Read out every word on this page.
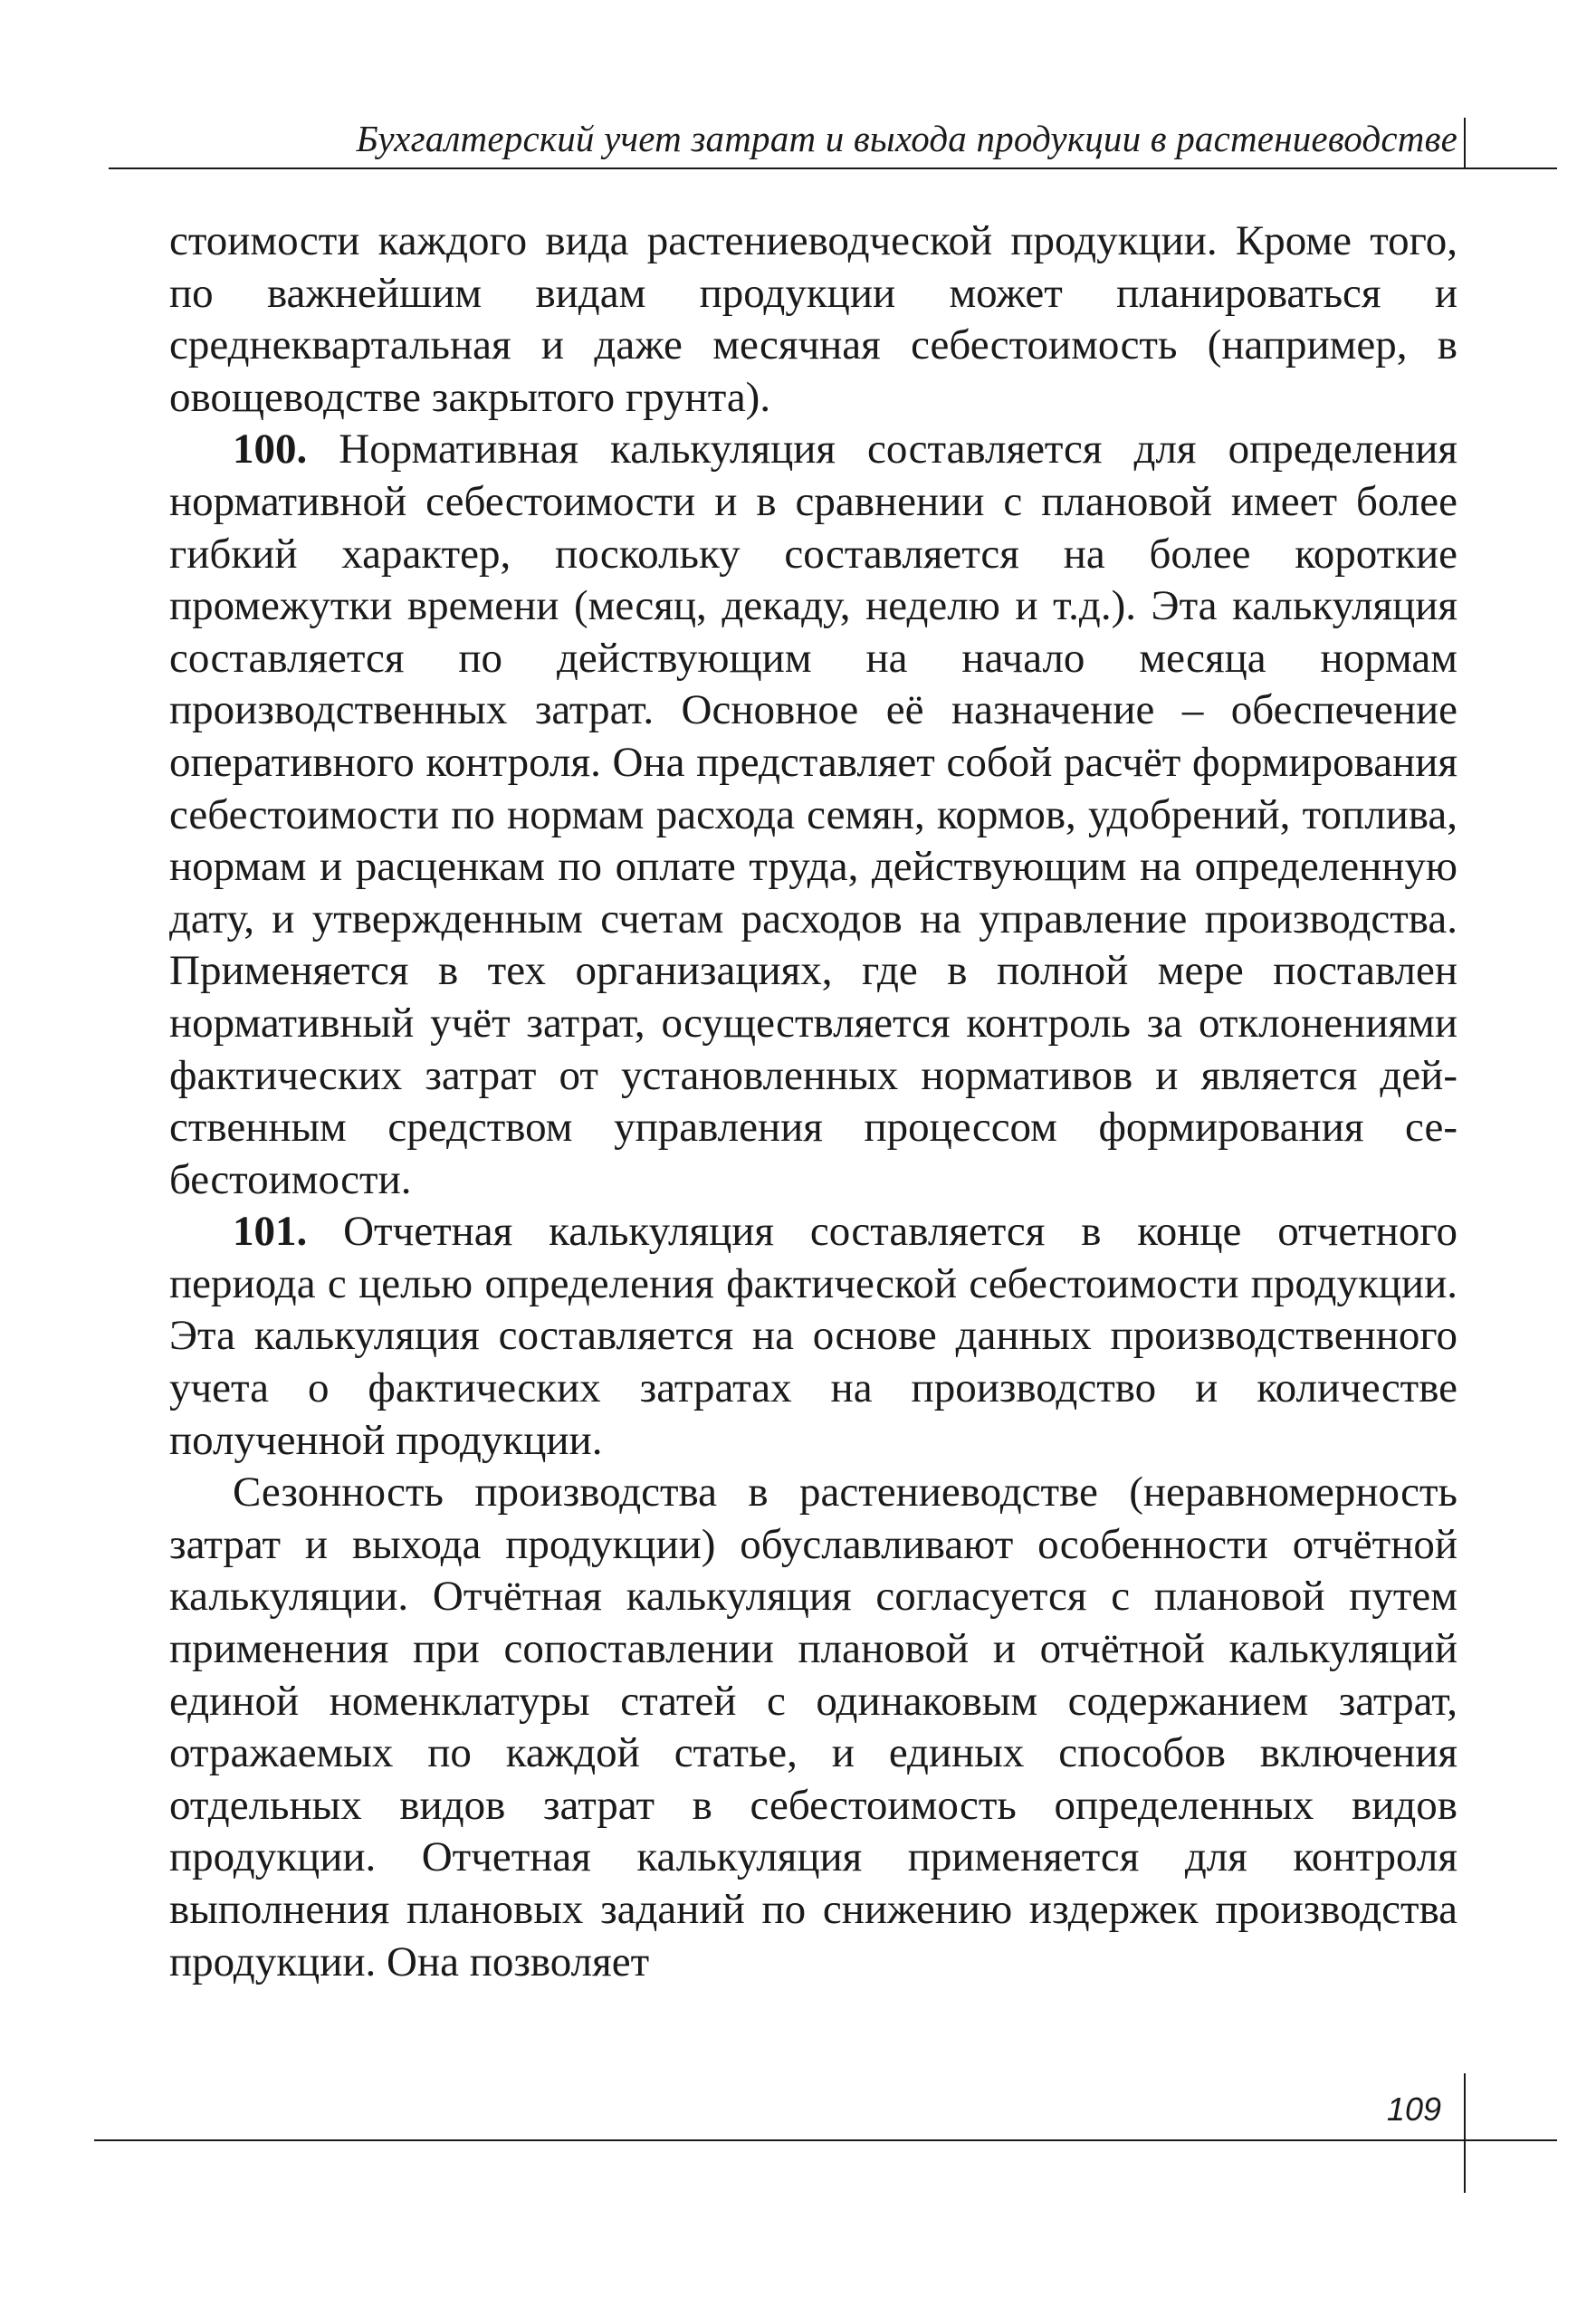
Бухгалтерский учет затрат и выхода продукции в растениеводстве

стоимости каждого вида растениеводческой продукции. Кроме того, по важнейшим видам продукции может планироваться и среднеквартальная и даже месячная себестоимость (например, в овощеводстве закрытого грунта).

100. Нормативная калькуляция составляется для определения нормативной себестоимости и в сравнении с плановой имеет более гибкий характер, поскольку составляется на более короткие промежутки времени (месяц, декаду, неделю и т.д.). Эта калькуляция составляется по действующим на начало месяца нормам производственных затрат. Основное её назначение – обеспечение оперативного контроля. Она представляет собой расчёт формирования себестоимости по нормам расхода семян, кормов, удобрений, топлива, нормам и расценкам по оплате труда, действующим на определенную дату, и утвержденным счетам расходов на управление производства. Применяется в тех организациях, где в полной мере поставлен нормативный учёт затрат, осуществляется контроль за отклонениями фактических затрат от установленных нормативов и является действенным средством управления процессом формирования себестоимости.

101. Отчетная калькуляция составляется в конце отчетного периода с целью определения фактической себестоимости продукции. Эта калькуляция составляется на основе данных производственного учета о фактических затратах на производство и количестве полученной продукции.

Сезонность производства в растениеводстве (неравномерность затрат и выхода продукции) обуславливают особенности отчётной калькуляции. Отчётная калькуляция согласуется с плановой путем применения при сопоставлении плановой и отчётной калькуляций единой номенклатуры статей с одинаковым содержанием затрат, отражаемых по каждой статье, и единых способов включения отдельных видов затрат в себестоимость определенных видов продукции. Отчетная калькуляция применяется для контроля выполнения плановых заданий по снижению издержек производства продукции. Она позволяет

109
